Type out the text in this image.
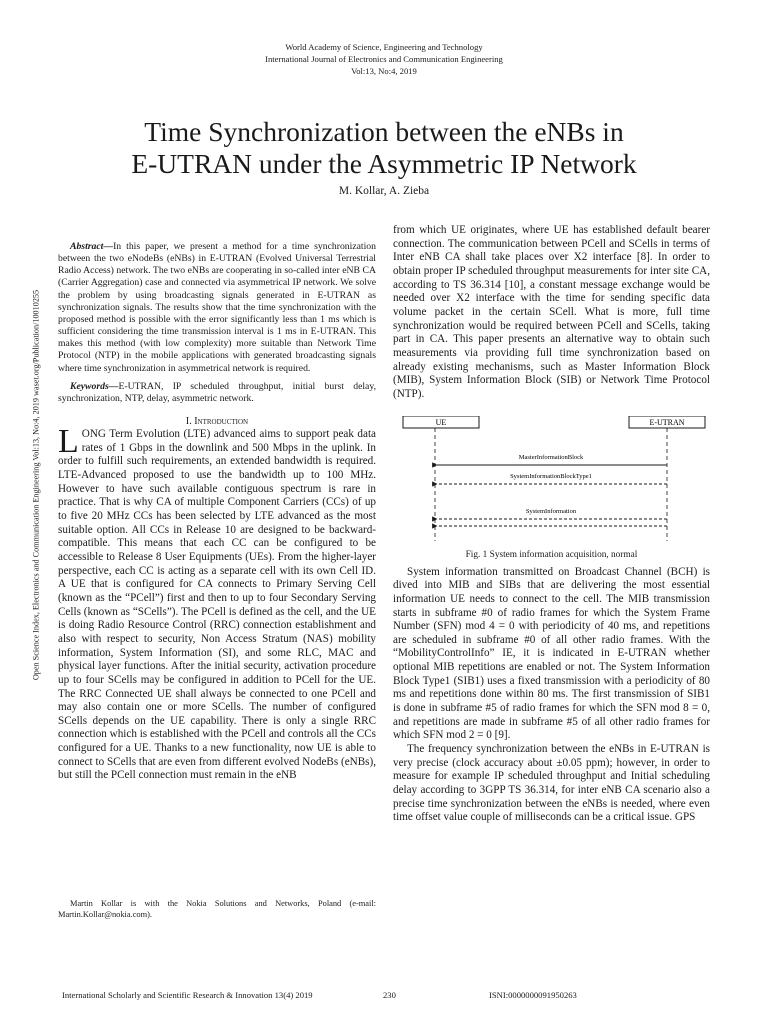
World Academy of Science, Engineering and Technology
International Journal of Electronics and Communication Engineering
Vol:13, No:4, 2019
Time Synchronization between the eNBs in
E-UTRAN under the Asymmetric IP Network
M. Kollar, A. Zieba
Open Science Index, Electronics and Communication Engineering Vol:13, No:4, 2019 waset.org/Publication/10010255

Abstract—In this paper, we present a method for a time synchronization between the two eNodeBs (eNBs) in E-UTRAN (Evolved Universal Terrestrial Radio Access) network. The two eNBs are cooperating in so-called inter eNB CA (Carrier Aggregation) case and connected via asymmetrical IP network. We solve the problem by using broadcasting signals generated in E-UTRAN as synchronization signals. The results show that the time synchronization with the proposed method is possible with the error significantly less than 1 ms which is sufficient considering the time transmission interval is 1 ms in E-UTRAN. This makes this method (with low complexity) more suitable than Network Time Protocol (NTP) in the mobile applications with generated broadcasting signals where time synchronization in asymmetrical network is required.

Keywords—E-UTRAN, IP scheduled throughput, initial burst delay, synchronization, NTP, delay, asymmetric network.

I. Introduction

LONG Term Evolution (LTE) advanced aims to support peak data rates of 1 Gbps in the downlink and 500 Mbps in the uplink. In order to fulfill such requirements, an extended bandwidth is required. LTE-Advanced proposed to use the bandwidth up to 100 MHz. However to have such available contiguous spectrum is rare in practice. That is why CA of multiple Component Carriers (CCs) of up to five 20 MHz CCs has been selected by LTE advanced as the most suitable option. All CCs in Release 10 are designed to be backward-compatible. This means that each CC can be configured to be accessible to Release 8 User Equipments (UEs). From the higher-layer perspective, each CC is acting as a separate cell with its own Cell ID. A UE that is configured for CA connects to Primary Serving Cell (known as the “PCell”) first and then to up to four Secondary Serving Cells (known as “SCells”). The PCell is defined as the cell, and the UE is doing Radio Resource Control (RRC) connection establishment and also with respect to security, Non Access Stratum (NAS) mobility information, System Information (SI), and some RLC, MAC and physical layer functions. After the initial security, activation procedure up to four SCells may be configured in addition to PCell for the UE. The RRC Connected UE shall always be connected to one PCell and may also contain one or more SCells. The number of configured SCells depends on the UE capability. There is only a single RRC connection which is established with the PCell and controls all the CCs configured for a UE. Thanks to a new functionality, now UE is able to connect to SCells that are even from different evolved NodeBs (eNBs), but still the PCell connection must remain in the eNB

Martin Kollar is with the Nokia Solutions and Networks, Poland (e-mail: Martin.Kollar@nokia.com).

from which UE originates, where UE has established default bearer connection. The communication between PCell and SCells in terms of Inter eNB CA shall take places over X2 interface [8]. In order to obtain proper IP scheduled throughput measurements for inter site CA, according to TS 36.314 [10], a constant message exchange would be needed over X2 interface with the time for sending specific data volume packet in the certain SCell. What is more, full time synchronization would be required between PCell and SCells, taking part in CA. This paper presents an alternative way to obtain such measurements via providing full time synchronization based on already existing mechanisms, such as Master Information Block (MIB), System Information Block (SIB) or Network Time Protocol (NTP).

UE	E-UTRAN
MasterInformationBlock
SystemInformationBlockType1
SystemInformation
Fig. 1 System information acquisition, normal

System information transmitted on Broadcast Channel (BCH) is dived into MIB and SIBs that are delivering the most essential information UE needs to connect to the cell. The MIB transmission starts in subframe #0 of radio frames for which the System Frame Number (SFN) mod 4 = 0 with periodicity of 40 ms, and repetitions are scheduled in subframe #0 of all other radio frames. With the “MobilityControlInfo” IE, it is indicated in E-UTRAN whether optional MIB repetitions are enabled or not. The System Information Block Type1 (SIB1) uses a fixed transmission with a periodicity of 80 ms and repetitions done within 80 ms. The first transmission of SIB1 is done in subframe #5 of radio frames for which the SFN mod 8 = 0, and repetitions are made in subframe #5 of all other radio frames for which SFN mod 2 = 0 [9].

The frequency synchronization between the eNBs in E-UTRAN is very precise (clock accuracy about ±0.05 ppm); however, in order to measure for example IP scheduled throughput and Initial scheduling delay according to 3GPP TS 36.314, for inter eNB CA scenario also a precise time synchronization between the eNBs is needed, where even time offset value couple of milliseconds can be a critical issue. GPS

International Scholarly and Scientific Research & Innovation 13(4) 2019	230	ISNI:0000000091950263
